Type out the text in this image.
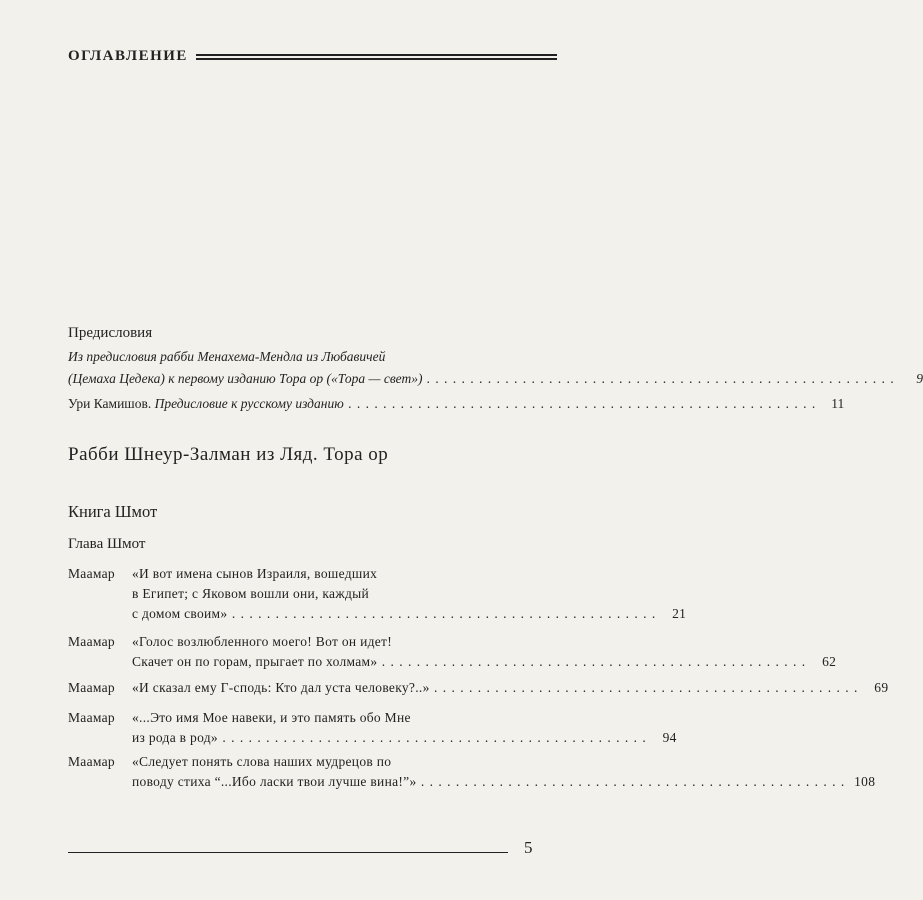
ОГЛАВЛЕНИЕ
Предисловия
Из предисловия рабби Менахема-Мендла из Любавичей
(Цемаха Цедека) к первому изданию Тора ор («Тора — свет») . . .	9
Ури Камишов. Предисловие к русскому изданию . . .	11
Рабби Шнеур-Залман из Ляд. Тора ор
Книга Шмот
Глава Шмот
Маамар	«И вот имена сынов Израиля, вошедших
в Египет; с Яковом вошли они, каждый
с домом своим» . . .	21
Маамар	«Голос возлюбленного моего! Вот он идет!
Скачет он по горам, прыгает по холмам» . . .	62
Маамар	«И сказал ему Г-сподь: Кто дал уста человеку?..» . . .	69
Маамар	«...Это имя Мое навеки, и это память обо Мне
из рода в род» . . .	94
Маамар	«Следует понять слова наших мудрецов по
поводу стиха “...Ибо ласки твои лучше вина!”» . . .	108
5
